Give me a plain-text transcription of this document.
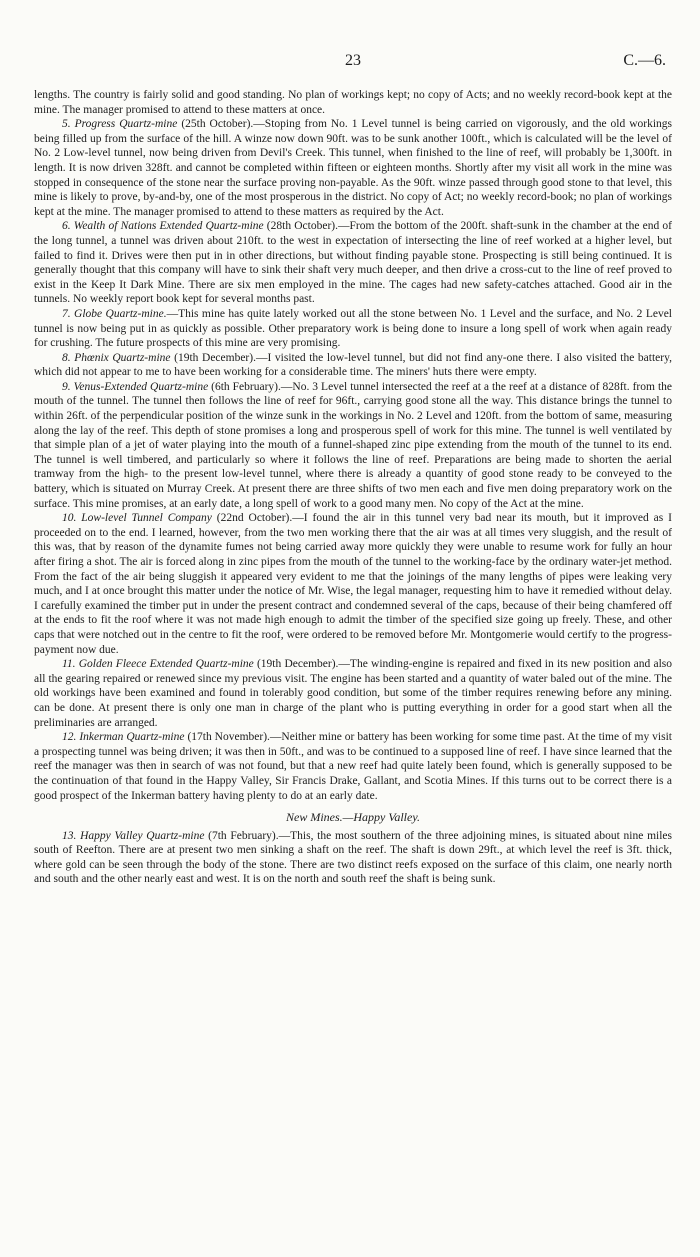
23	C.—6.

lengths. The country is fairly solid and good standing. No plan of workings kept; no copy of Acts; and no weekly record-book kept at the mine. The manager promised to attend to these matters at once.

5. Progress Quartz-mine (25th October).—Stoping from No. 1 Level tunnel is being carried on vigorously, and the old workings being filled up from the surface of the hill. A winze now down 90ft. was to be sunk another 100ft., which is calculated will be the level of No. 2 Low-level tunnel, now being driven from Devil's Creek. This tunnel, when finished to the line of reef, will probably be 1,300ft. in length. It is now driven 328ft. and cannot be completed within fifteen or eighteen months. Shortly after my visit all work in the mine was stopped in consequence of the stone near the surface proving non-payable. As the 90ft. winze passed through good stone to that level, this mine is likely to prove, by-and-by, one of the most prosperous in the district. No copy of Act; no weekly record-book; no plan of workings kept at the mine. The manager promised to attend to these matters as required by the Act.

6. Wealth of Nations Extended Quartz-mine (28th October).—From the bottom of the 200ft. shaft-sunk in the chamber at the end of the long tunnel, a tunnel was driven about 210ft. to the west in expectation of intersecting the line of reef worked at a higher level, but failed to find it. Drives were then put in in other directions, but without finding payable stone. Prospecting is still being continued. It is generally thought that this company will have to sink their shaft very much deeper, and then drive a cross-cut to the line of reef proved to exist in the Keep It Dark Mine. There are six men employed in the mine. The cages had new safety-catches attached. Good air in the tunnels. No weekly report book kept for several months past.

7. Globe Quartz-mine.—This mine has quite lately worked out all the stone between No. 1 Level and the surface, and No. 2 Level tunnel is now being put in as quickly as possible. Other preparatory work is being done to insure a long spell of work when again ready for crushing. The future prospects of this mine are very promising.

8. Phœnix Quartz-mine (19th December).—I visited the low-level tunnel, but did not find any-one there. I also visited the battery, which did not appear to me to have been working for a considerable time. The miners' huts there were empty.

9. Venus-Extended Quartz-mine (6th February).—No. 3 Level tunnel intersected the reef at a the reef at a distance of 828ft. from the mouth of the tunnel. The tunnel then follows the line of reef for 96ft., carrying good stone all the way. This distance brings the tunnel to within 26ft. of the perpendicular position of the winze sunk in the workings in No. 2 Level and 120ft. from the bottom of same, measuring along the lay of the reef. This depth of stone promises a long and prosperous spell of work for this mine. The tunnel is well ventilated by that simple plan of a jet of water playing into the mouth of a funnel-shaped zinc pipe extending from the mouth of the tunnel to its end. The tunnel is well timbered, and particularly so where it follows the line of reef. Preparations are being made to shorten the aerial tramway from the high- to the present low-level tunnel, where there is already a quantity of good stone ready to be conveyed to the battery, which is situated on Murray Creek. At present there are three shifts of two men each and five men doing preparatory work on the surface. This mine promises, at an early date, a long spell of work to a good many men. No copy of the Act at the mine.

10. Low-level Tunnel Company (22nd October).—I found the air in this tunnel very bad near its mouth, but it improved as I proceeded on to the end. I learned, however, from the two men working there that the air was at all times very sluggish, and the result of this was, that by reason of the dynamite fumes not being carried away more quickly they were unable to resume work for fully an hour after firing a shot. The air is forced along in zinc pipes from the mouth of the tunnel to the working-face by the ordinary water-jet method. From the fact of the air being sluggish it appeared very evident to me that the joinings of the many lengths of pipes were leaking very much, and I at once brought this matter under the notice of Mr. Wise, the legal manager, requesting him to have it remedied without delay. I carefully examined the timber put in under the present contract and condemned several of the caps, because of their being chamfered off at the ends to fit the roof where it was not made high enough to admit the timber of the specified size going up freely. These, and other caps that were notched out in the centre to fit the roof, were ordered to be removed before Mr. Montgomerie would certify to the progress-payment now due.

11. Golden Fleece Extended Quartz-mine (19th December).—The winding-engine is repaired and fixed in its new position and also all the gearing repaired or renewed since my previous visit. The engine has been started and a quantity of water baled out of the mine. The old workings have been examined and found in tolerably good condition, but some of the timber requires renewing before any mining. can be done. At present there is only one man in charge of the plant who is putting everything in order for a good start when all the preliminaries are arranged.

12. Inkerman Quartz-mine (17th November).—Neither mine or battery has been working for some time past. At the time of my visit a prospecting tunnel was being driven; it was then in 50ft., and was to be continued to a supposed line of reef. I have since learned that the reef the manager was then in search of was not found, but that a new reef had quite lately been found, which is generally supposed to be the continuation of that found in the Happy Valley, Sir Francis Drake, Gallant, and Scotia Mines. If this turns out to be correct there is a good prospect of the Inkerman battery having plenty to do at an early date.

New Mines.—Happy Valley.

13. Happy Valley Quartz-mine (7th February).—This, the most southern of the three adjoining mines, is situated about nine miles south of Reefton. There are at present two men sinking a shaft on the reef. The shaft is down 29ft., at which level the reef is 3ft. thick, where gold can be seen through the body of the stone. There are two distinct reefs exposed on the surface of this claim, one nearly north and south and the other nearly east and west. It is on the north and south reef the shaft is being sunk.
